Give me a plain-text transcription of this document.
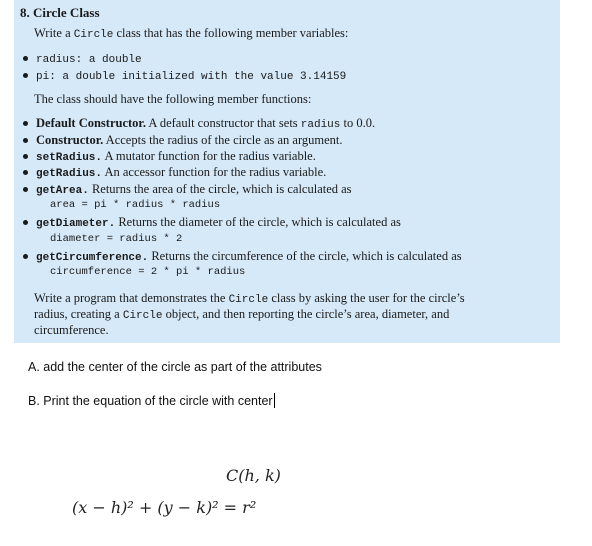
8. Circle Class
Write a Circle class that has the following member variables:
radius: a double
pi: a double initialized with the value 3.14159
The class should have the following member functions:
Default Constructor. A default constructor that sets radius to 0.0.
Constructor. Accepts the radius of the circle as an argument.
setRadius. A mutator function for the radius variable.
getRadius. An accessor function for the radius variable.
getArea. Returns the area of the circle, which is calculated as
area = pi * radius * radius
getDiameter. Returns the diameter of the circle, which is calculated as
diameter = radius * 2
getCircumference. Returns the circumference of the circle, which is calculated as
circumference = 2 * pi * radius
Write a program that demonstrates the Circle class by asking the user for the circle’s
radius, creating a Circle object, and then reporting the circle’s area, diameter, and
circumference.
A. add the center of the circle as part of the attributes
B. Print the equation of the circle with center
C(h, k)
(x − h)² + (y − k)² = r²
